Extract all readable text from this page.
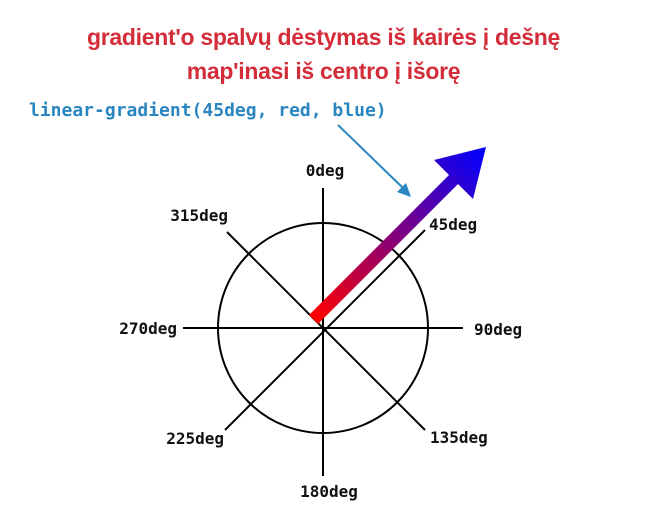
gradient'o spalvų dėstymas iš kairės į dešnę
map'inasi iš centro į išorę
linear-gradient(45deg, red, blue)
0deg
45deg
90deg
135deg
180deg
225deg
270deg
315deg
